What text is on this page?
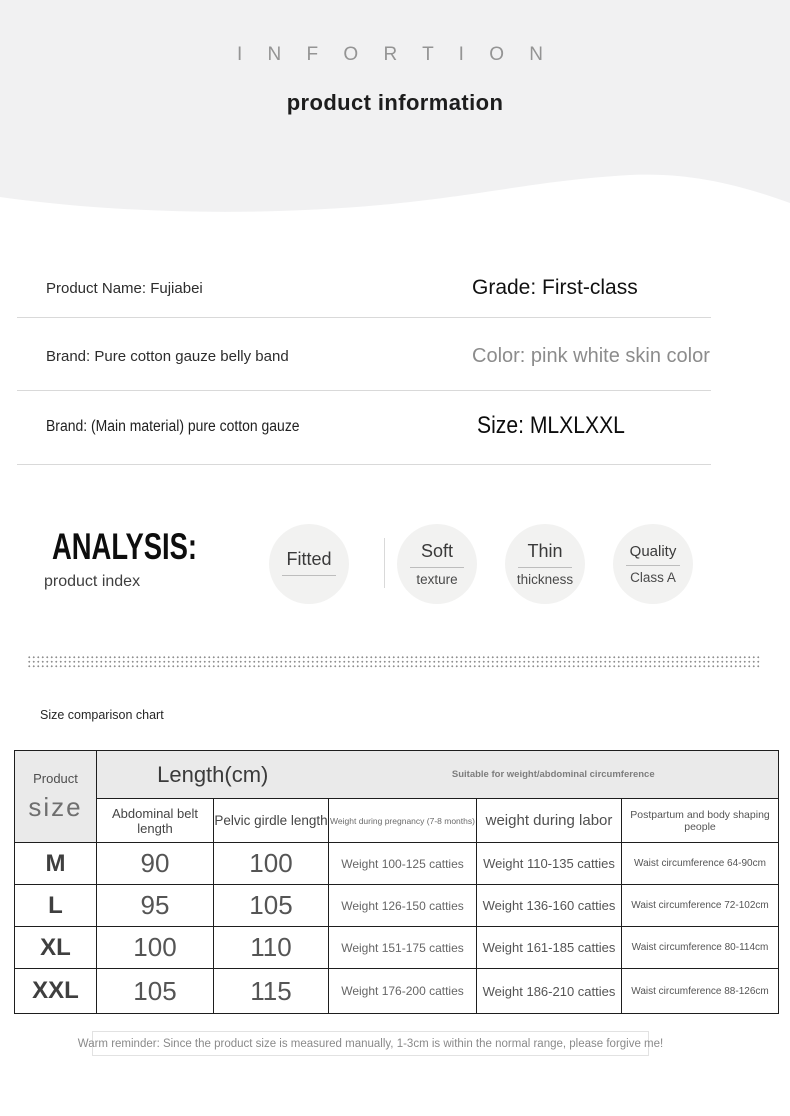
I N F O R T I O N
product information
Product Name: Fujiabei	Grade: First-class
Brand: Pure cotton gauze belly band	Color: pink white skin color
Brand: (Main material) pure cotton gauze	Size: MLXLXXL
ANALYSIS:
product index
Fitted	Soft
texture
Thin
thickness
Quality
Class A
Size comparison chart
Product
size	Length(cm)		Suitable for weight/abdominal circumference		
	Abdominal belt length	Pelvic girdle length	Weight during pregnancy (7-8 months)	weight during labor	Postpartum and body shaping people
M	90	100	Weight 100-125 catties	Weight 110-135 catties	Waist circumference 64-90cm
L	95	105	Weight 126-150 catties	Weight 136-160 catties	Waist circumference 72-102cm
XL	100	110	Weight 151-175 catties	Weight 161-185 catties	Waist circumference 80-114cm
XXL	105	115	Weight 176-200 catties	Weight 186-210 catties	Waist circumference 88-126cm
Warm reminder: Since the product size is measured manually, 1-3cm is within the normal range, please forgive me!
